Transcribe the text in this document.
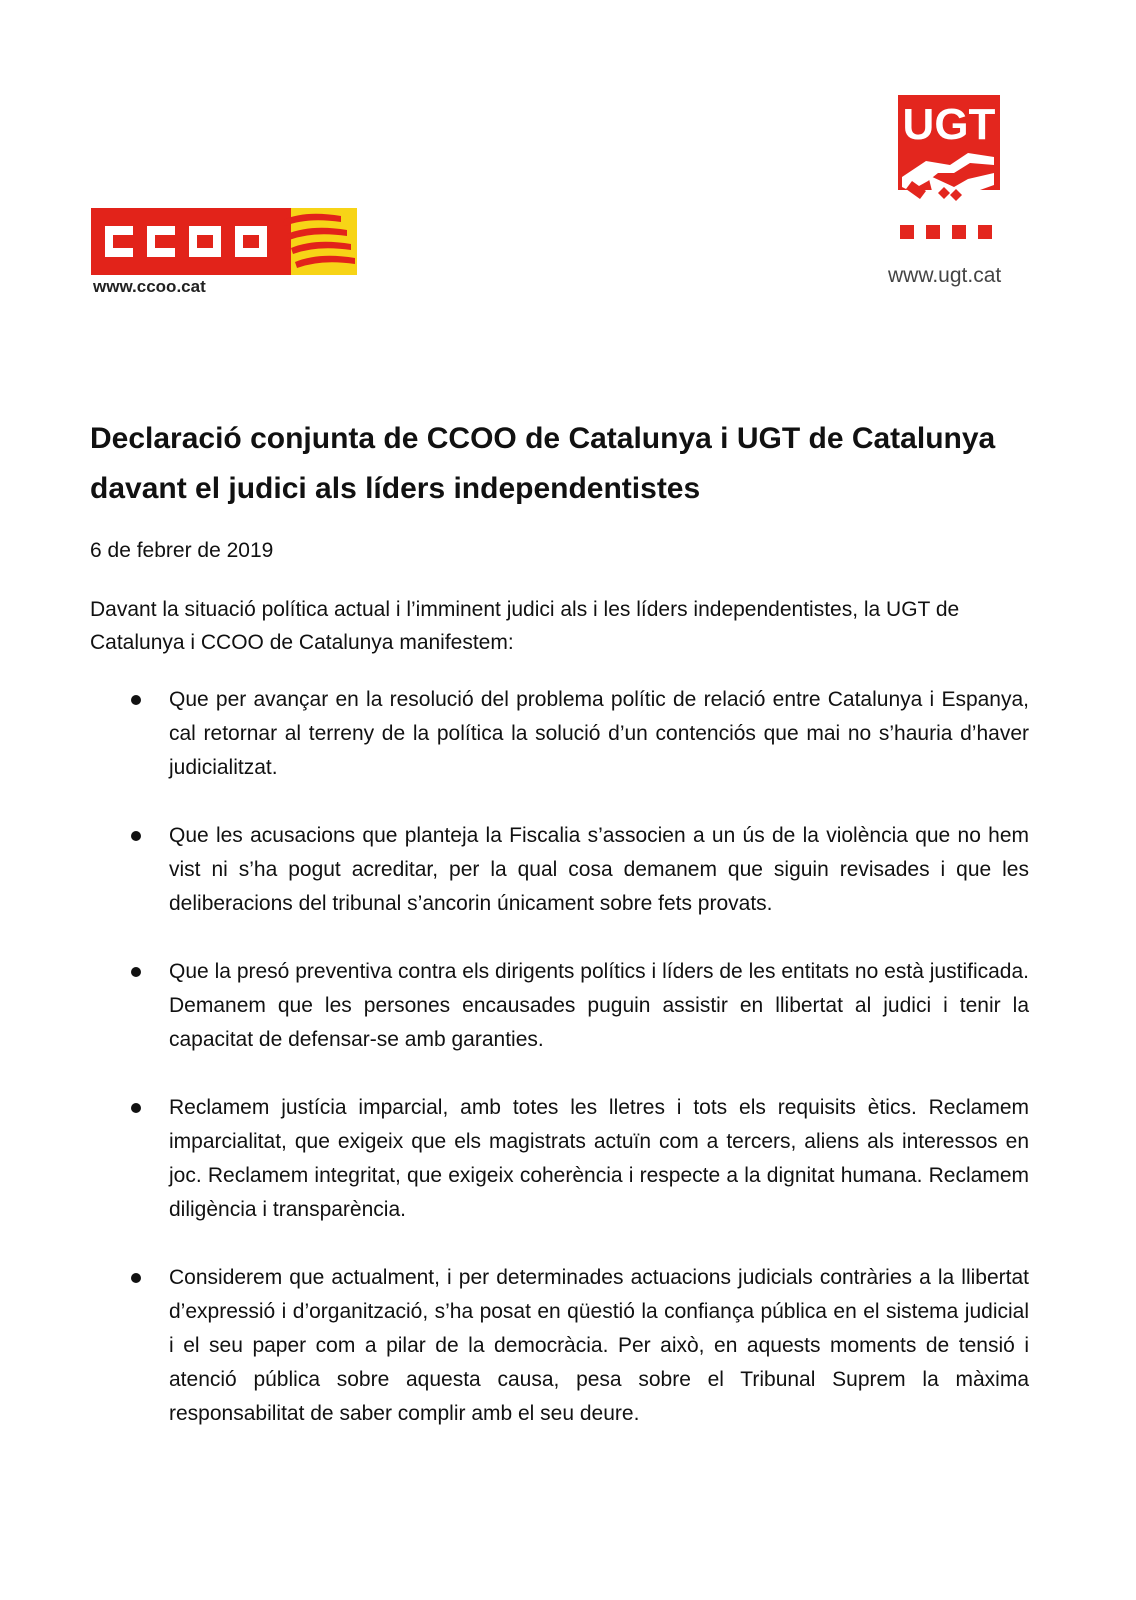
www.ccoo.cat
UGT
www.ugt.cat
Declaració conjunta de CCOO de Catalunya i UGT de Catalunya
davant el judici als líders independentistes

6 de febrer de 2019

Davant la situació política actual i l’imminent judici als i les líders independentistes, la UGT de Catalunya i CCOO de Catalunya manifestem:

Que per avançar en la resolució del problema polític de relació entre Catalunya i Espanya, cal retornar al terreny de la política la solució d’un contenciós que mai no s’hauria d’haver judicialitzat.
Que les acusacions que planteja la Fiscalia s’associen a un ús de la violència que no hem vist ni s’ha pogut acreditar, per la qual cosa demanem que siguin revisades i que les deliberacions del tribunal s’ancorin únicament sobre fets provats.
Que la presó preventiva contra els dirigents polítics i líders de les entitats no està justificada. Demanem que les persones encausades puguin assistir en llibertat al judici i tenir la capacitat de defensar-se amb garanties.
Reclamem justícia imparcial, amb totes les lletres i tots els requisits ètics. Reclamem imparcialitat, que exigeix que els magistrats actuïn com a tercers, aliens als interessos en joc. Reclamem integritat, que exigeix coherència i respecte a la dignitat humana. Reclamem diligència i transparència.
Considerem que actualment, i per determinades actuacions judicials contràries a la llibertat d’expressió i d’organització, s’ha posat en qüestió la confiança pública en el sistema judicial i el seu paper com a pilar de la democràcia. Per això, en aquests moments de tensió i atenció pública sobre aquesta causa, pesa sobre el Tribunal Suprem la màxima responsabilitat de saber complir amb el seu deure.
